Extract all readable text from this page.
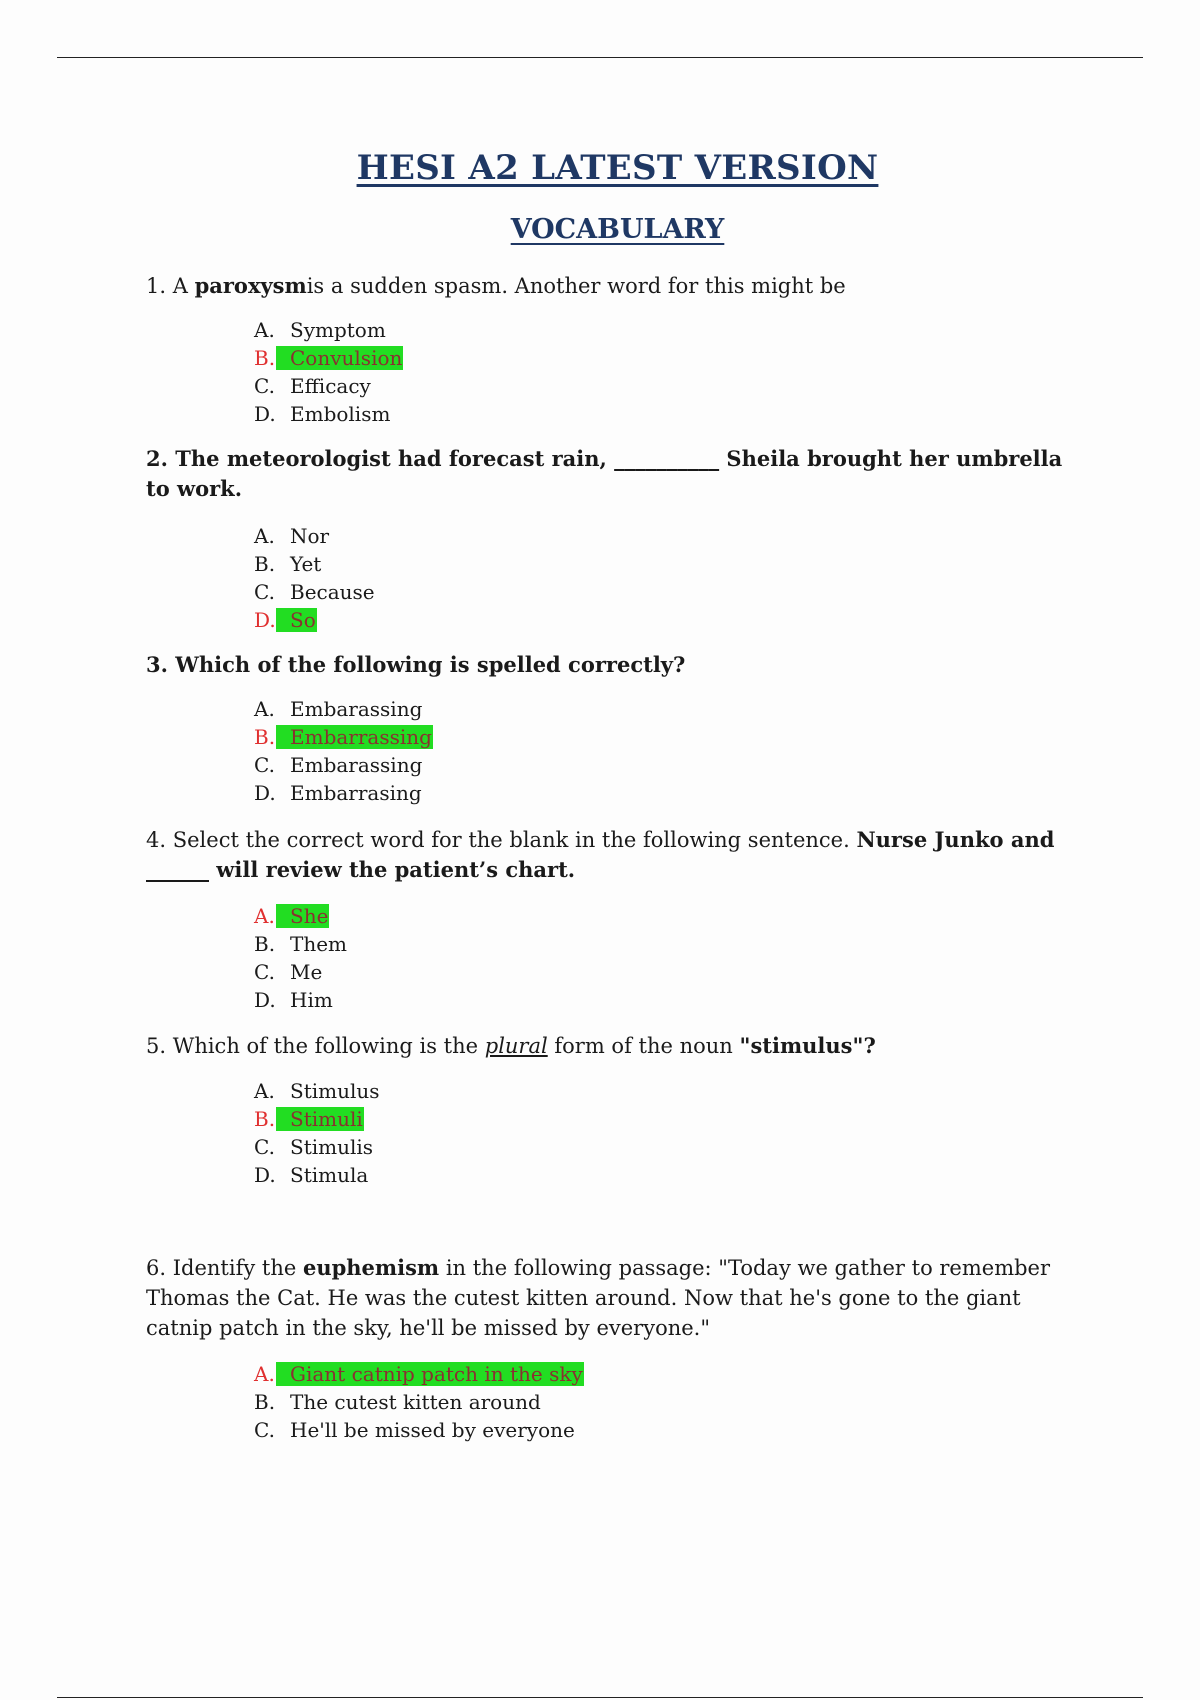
HESI A2 LATEST VERSION
VOCABULARY
1. A paroxysmis a sudden spasm. Another word for this might be
A. Symptom
B. Convulsion
C. Efficacy
D. Embolism
2. The meteorologist had forecast rain, __________ Sheila brought her umbrella to work.
A. Nor
B. Yet
C. Because
D. So
3. Which of the following is spelled correctly?
A. Embarassing
B. Embarrassing
C. Embarassing
D. Embarrasing
4. Select the correct word for the blank in the following sentence. Nurse Junko and ______ will review the patient’s chart.
A. She
B. Them
C. Me
D. Him
5. Which of the following is the plural form of the noun "stimulus"?
A. Stimulus
B. Stimuli
C. Stimulis
D. Stimula
6. Identify the euphemism in the following passage: "Today we gather to remember Thomas the Cat. He was the cutest kitten around. Now that he's gone to the giant catnip patch in the sky, he'll be missed by everyone."
A. Giant catnip patch in the sky
B. The cutest kitten around
C. He'll be missed by everyone
